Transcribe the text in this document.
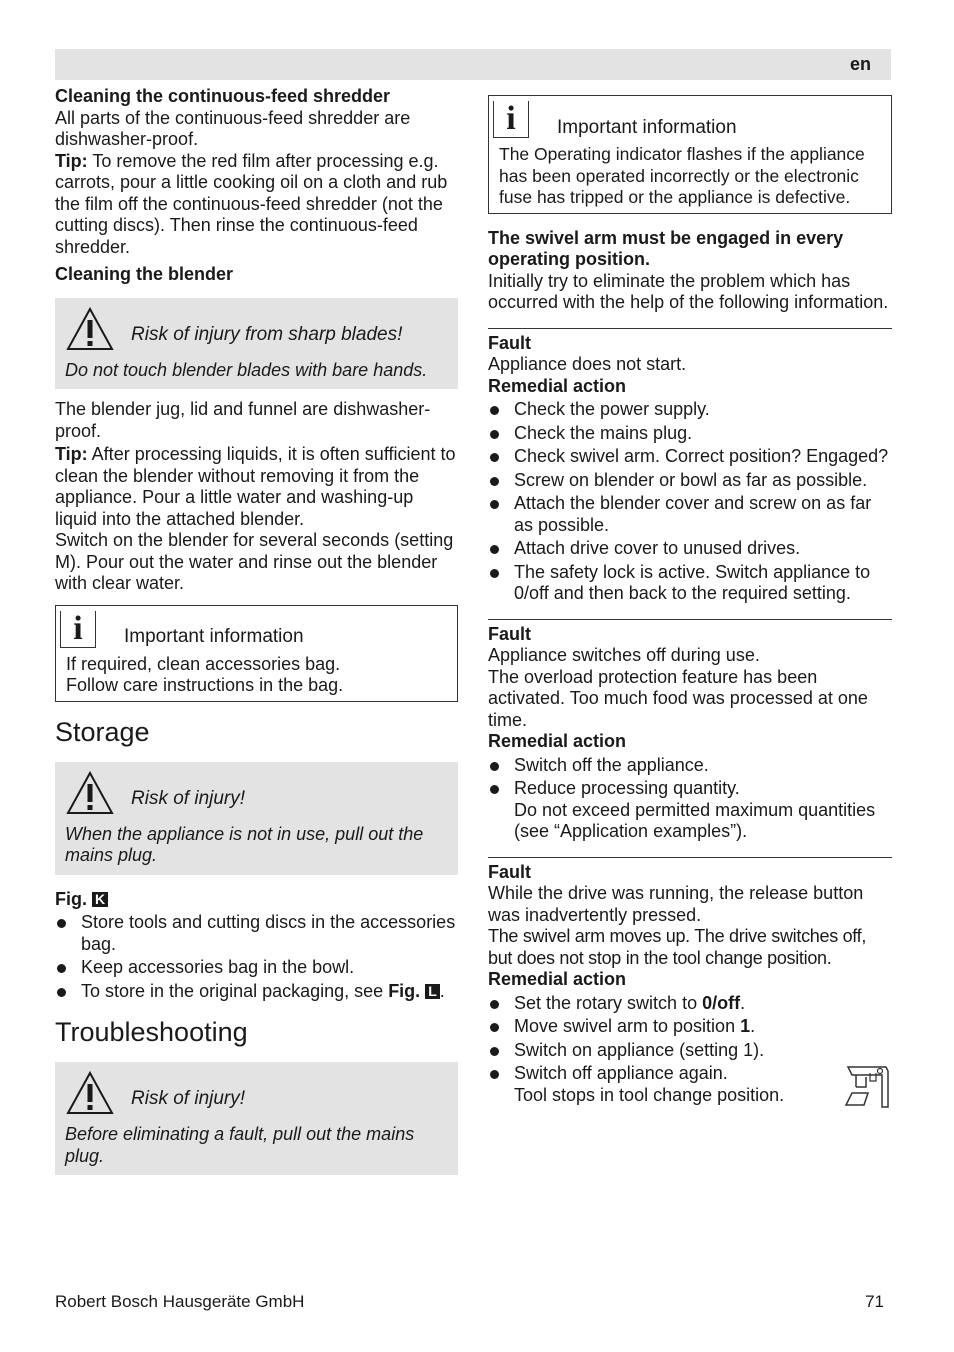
en

Cleaning the continuous-feed shredder

All parts of the continuous-feed shredder are dishwasher-proof.

Tip: To remove the red film after processing e.g. carrots, pour a little cooking oil on a cloth and rub the film off the continuous-feed shredder (not the cutting discs). Then rinse the continuous-feed shredder.

Cleaning the blender

Risk of injury from sharp blades!

Do not touch blender blades with bare hands.

The blender jug, lid and funnel are dishwasher-proof.

Tip: After processing liquids, it is often sufficient to clean the blender without removing it from the appliance. Pour a little water and washing-up liquid into the attached blender.

Switch on the blender for several seconds (setting M). Pour out the water and rinse out the blender with clear water.

i	Important information

If required, clean accessories bag.

Follow care instructions in the bag.

Storage
Risk of injury!

When the appliance is not in use, pull out the mains plug.

Fig. K

Store tools and cutting discs in the accessories bag.
Keep accessories bag in the bowl.
To store in the original packaging, see Fig. L .
Troubleshooting
Risk of injury!

Before eliminating a fault, pull out the mains plug.

i	Important information

The Operating indicator flashes if the appliance has been operated incorrectly or the electronic fuse has tripped or the appliance is defective.

The swivel arm must be engaged in every operating position.

Initially try to eliminate the problem which has occurred with the help of the following information.

Fault

Appliance does not start.

Remedial action

Check the power supply.
Check the mains plug.
Check swivel arm. Correct position? Engaged?
Screw on blender or bowl as far as possible.
Attach the blender cover and screw on as far as possible.
Attach drive cover to unused drives.
The safety lock is active. Switch appliance to 0/off and then back to the required setting.

Fault

Appliance switches off during use.

The overload protection feature has been activated. Too much food was processed at one time.

Remedial action

Switch off the appliance.
Reduce processing quantity.
Do not exceed permitted maximum quantities (see “Application examples”).

Fault

While the drive was running, the release button was inadvertently pressed.

The swivel arm moves up. The drive switches off, but does not stop in the tool change position.

Remedial action

Set the rotary switch to 0/off.
Move swivel arm to position 1.
Switch on appliance (setting 1).
Switch off appliance again.
Tool stops in tool change position.
Robert Bosch Hausgeräte GmbH	71
